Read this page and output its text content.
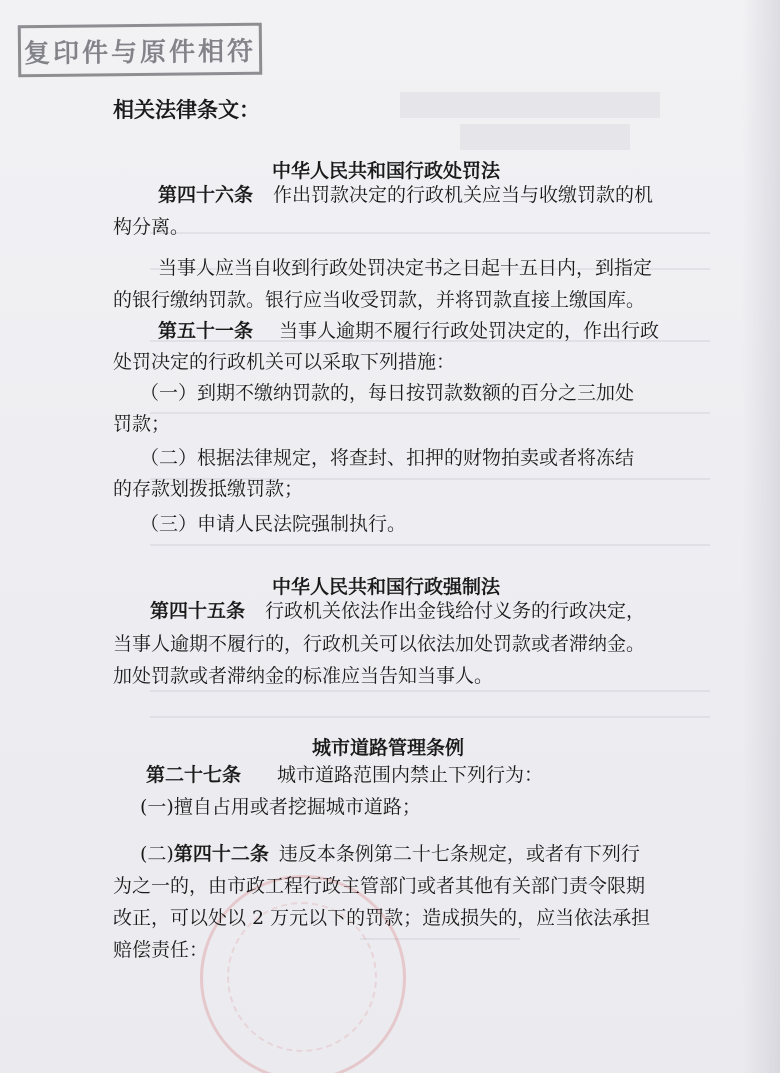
复印件与原件相符
相关法律条文：
中华人民共和国行政处罚法
第四十六条 作出罚款决定的行政机关应当与收缴罚款的机
构分离。
当事人应当自收到行政处罚决定书之日起十五日内，到指定
的银行缴纳罚款。银行应当收受罚款，并将罚款直接上缴国库。
第五十一条 当事人逾期不履行行政处罚决定的，作出行政
处罚决定的行政机关可以采取下列措施：
（一）到期不缴纳罚款的，每日按罚款数额的百分之三加处
罚款；
（二）根据法律规定，将查封、扣押的财物拍卖或者将冻结
的存款划拨抵缴罚款；
（三）申请人民法院强制执行。
中华人民共和国行政强制法
第四十五条 行政机关依法作出金钱给付义务的行政决定，
当事人逾期不履行的，行政机关可以依法加处罚款或者滞纳金。
加处罚款或者滞纳金的标准应当告知当事人。
城市道路管理条例
第二十七条 城市道路范围内禁止下列行为：
(一)擅自占用或者挖掘城市道路；
(二)第四十二条 违反本条例第二十七条规定，或者有下列行
为之一的，由市政工程行政主管部门或者其他有关部门责令限期
改正，可以处以 2 万元以下的罚款；造成损失的，应当依法承担
赔偿责任：
